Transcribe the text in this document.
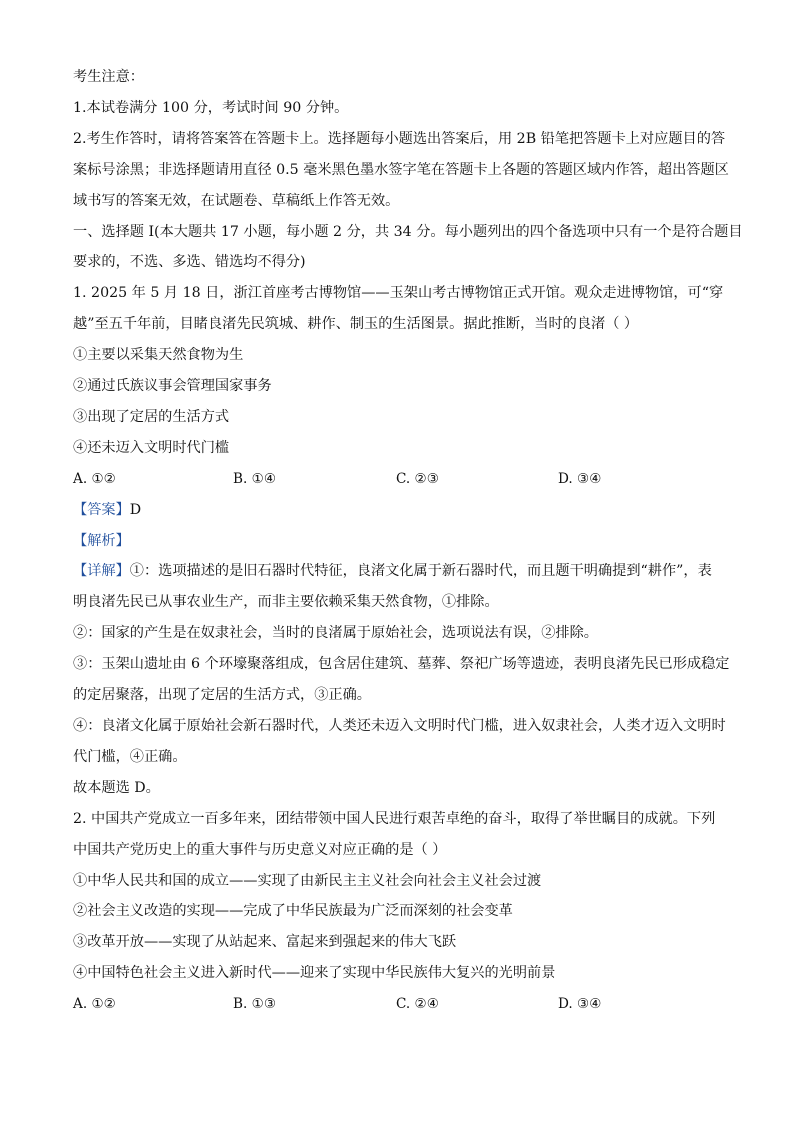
考生注意：
1.本试卷满分 100 分，考试时间 90 分钟。
2.考生作答时，请将答案答在答题卡上。选择题每小题选出答案后，用 2B 铅笔把答题卡上对应题目的答
案标号涂黑；非选择题请用直径 0.5 毫米黑色墨水签字笔在答题卡上各题的答题区域内作答，超出答题区
域书写的答案无效，在试题卷、草稿纸上作答无效。
一、选择题 I(本大题共 17 小题，每小题 2 分，共 34 分。每小题列出的四个备选项中只有一个是符合题目
要求的，不选、多选、错选均不得分)
1. 2025 年 5 月 18 日，浙江首座考古博物馆——玉架山考古博物馆正式开馆。观众走进博物馆，可“穿
越”至五千年前，目睹良渚先民筑城、耕作、制玉的生活图景。据此推断，当时的良渚（ ）
①主要以采集天然食物为生
②通过氏族议事会管理国家事务
③出现了定居的生活方式
④还未迈入文明时代门槛
A. ①②	B. ①④	C. ②③	D. ③④
【答案】D
【解析】
【详解】①：选项描述的是旧石器时代特征，良渚文化属于新石器时代，而且题干明确提到“耕作”，表
明良渚先民已从事农业生产，而非主要依赖采集天然食物，①排除。
②：国家的产生是在奴隶社会，当时的良渚属于原始社会，选项说法有误，②排除。
③：玉架山遗址由 6 个环壕聚落组成，包含居住建筑、墓葬、祭祀广场等遗迹，表明良渚先民已形成稳定
的定居聚落，出现了定居的生活方式，③正确。
④：良渚文化属于原始社会新石器时代，人类还未迈入文明时代门槛，进入奴隶社会，人类才迈入文明时
代门槛，④正确。
故本题选 D。
2. 中国共产党成立一百多年来，团结带领中国人民进行艰苦卓绝的奋斗，取得了举世瞩目的成就。下列
中国共产党历史上的重大事件与历史意义对应正确的是（ ）
①中华人民共和国的成立——实现了由新民主主义社会向社会主义社会过渡
②社会主义改造的实现——完成了中华民族最为广泛而深刻的社会变革
③改革开放——实现了从站起来、富起来到强起来的伟大飞跃
④中国特色社会主义进入新时代——迎来了实现中华民族伟大复兴的光明前景
A. ①②	B. ①③	C. ②④	D. ③④
